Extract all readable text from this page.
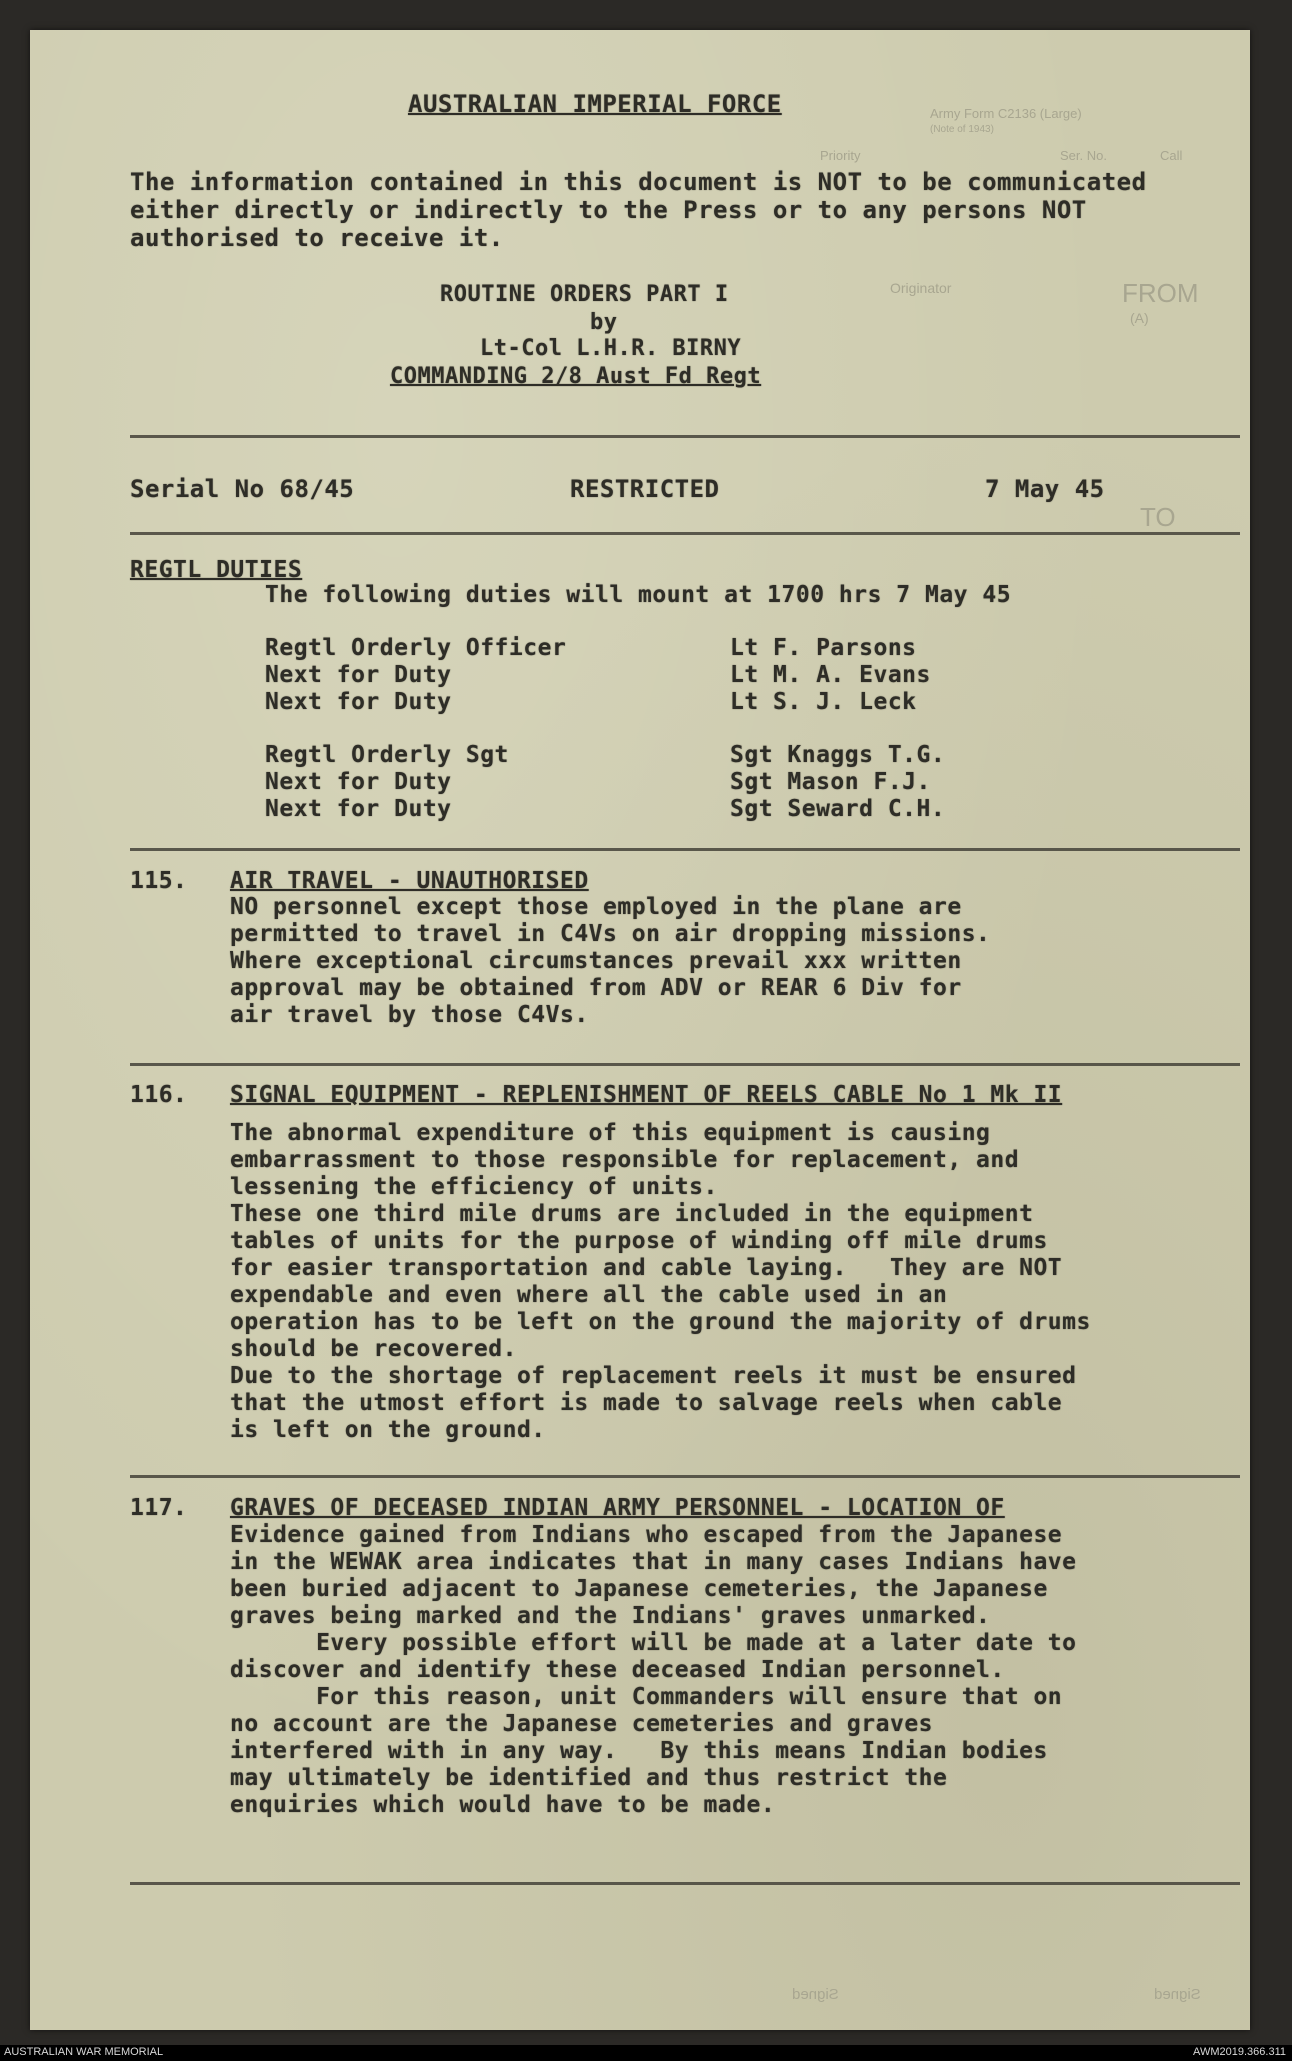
Army Form C2136 (Large)
(Note of 1943)
Call
Ser. No.
Priority
FROM
(A)
Originator
TO
Signed	Signed
AUSTRALIAN IMPERIAL FORCE
The information contained in this document is NOT to be communicated
either directly or indirectly to the Press or to any persons NOT
authorised to receive it.
ROUTINE ORDERS PART I
by
Lt-Col L.H.R. BIRNY
COMMANDING 2/8 Aust Fd Regt
Serial No 68/45	RESTRICTED	7 May 45
REGTL DUTIES
The following duties will mount at 1700 hrs 7 May 45
Regtl Orderly Officer	Lt F. Parsons
Next for Duty	Lt M. A. Evans
Next for Duty	Lt S. J. Leck
Regtl Orderly Sgt	Sgt Knaggs T.G.
Next for Duty	Sgt Mason F.J.
Next for Duty	Sgt Seward C.H.
115. AIR TRAVEL - UNAUTHORISED
NO personnel except those employed in the plane are
permitted to travel in C4Vs on air dropping missions.
Where exceptional circumstances prevail xxx written
approval may be obtained from ADV or REAR 6 Div for
air travel by those C4Vs.
116. SIGNAL EQUIPMENT - REPLENISHMENT OF REELS CABLE No 1 Mk II
The abnormal expenditure of this equipment is causing
embarrassment to those responsible for replacement, and
lessening the efficiency of units.
These one third mile drums are included in the equipment
tables of units for the purpose of winding off mile drums
for easier transportation and cable laying.   They are NOT
expendable and even where all the cable used in an
operation has to be left on the ground the majority of drums
should be recovered.
Due to the shortage of replacement reels it must be ensured
that the utmost effort is made to salvage reels when cable
is left on the ground.
117. GRAVES OF DECEASED INDIAN ARMY PERSONNEL - LOCATION OF
Evidence gained from Indians who escaped from the Japanese
in the WEWAK area indicates that in many cases Indians have
been buried adjacent to Japanese cemeteries, the Japanese
graves being marked and the Indians' graves unmarked.
Every possible effort will be made at a later date to
discover and identify these deceased Indian personnel.
For this reason, unit Commanders will ensure that on
no account are the Japanese cemeteries and graves
interfered with in any way.   By this means Indian bodies
may ultimately be identified and thus restrict the
enquiries which would have to be made.
AUSTRALIAN WAR MEMORIAL	AWM2019.366.311
